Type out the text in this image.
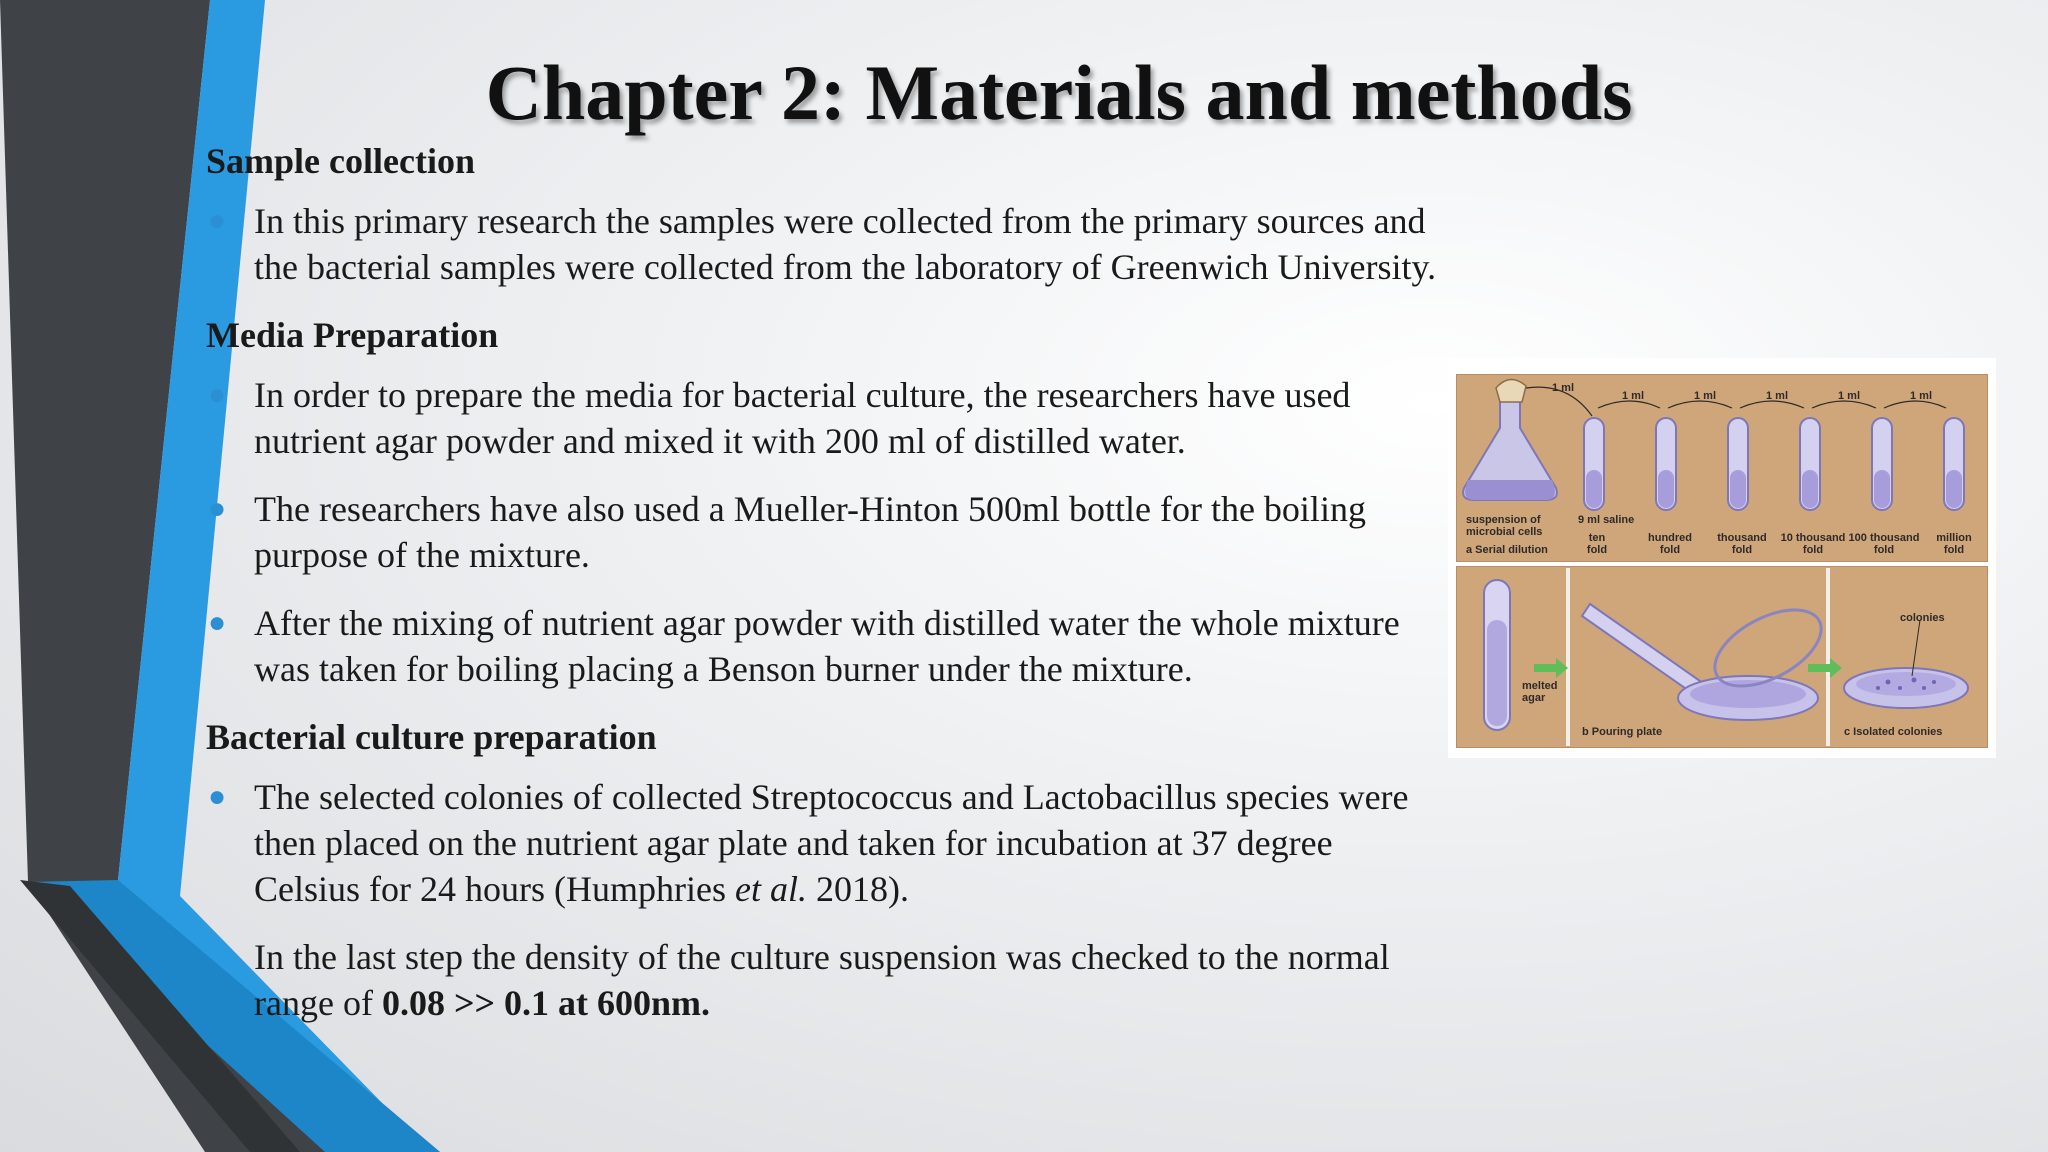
Chapter 2: Materials and methods

Sample collection

● In this primary research the samples were collected from the primary sources and the bacterial samples were collected from the laboratory of Greenwich University.

Media Preparation

● In order to prepare the media for bacterial culture, the researchers have used nutrient agar powder and mixed it with 200 ml of distilled water.

● The researchers have also used a Mueller-Hinton 500ml bottle for the boiling purpose of the mixture.

● After the mixing of nutrient agar powder with distilled water the whole mixture was taken for boiling placing a Benson burner under the mixture.

Bacterial culture preparation

● The selected colonies of collected Streptococcus and Lactobacillus species were then placed on the nutrient agar plate and taken for incubation at 37 degree Celsius for 24 hours (Humphries et al. 2018).

In the last step the density of the culture suspension was checked to the normal range of 0.08 >> 0.1 at 600nm.

1 ml
1 ml	1 ml	1 ml	1 ml	1 ml
suspension of microbial cells
a Serial dilution
9 ml saline
ten fold
hundred fold
thousand fold
10 thousand fold
100 thousand fold
million fold
melted agar
b Pouring plate
colonies
c Isolated colonies
